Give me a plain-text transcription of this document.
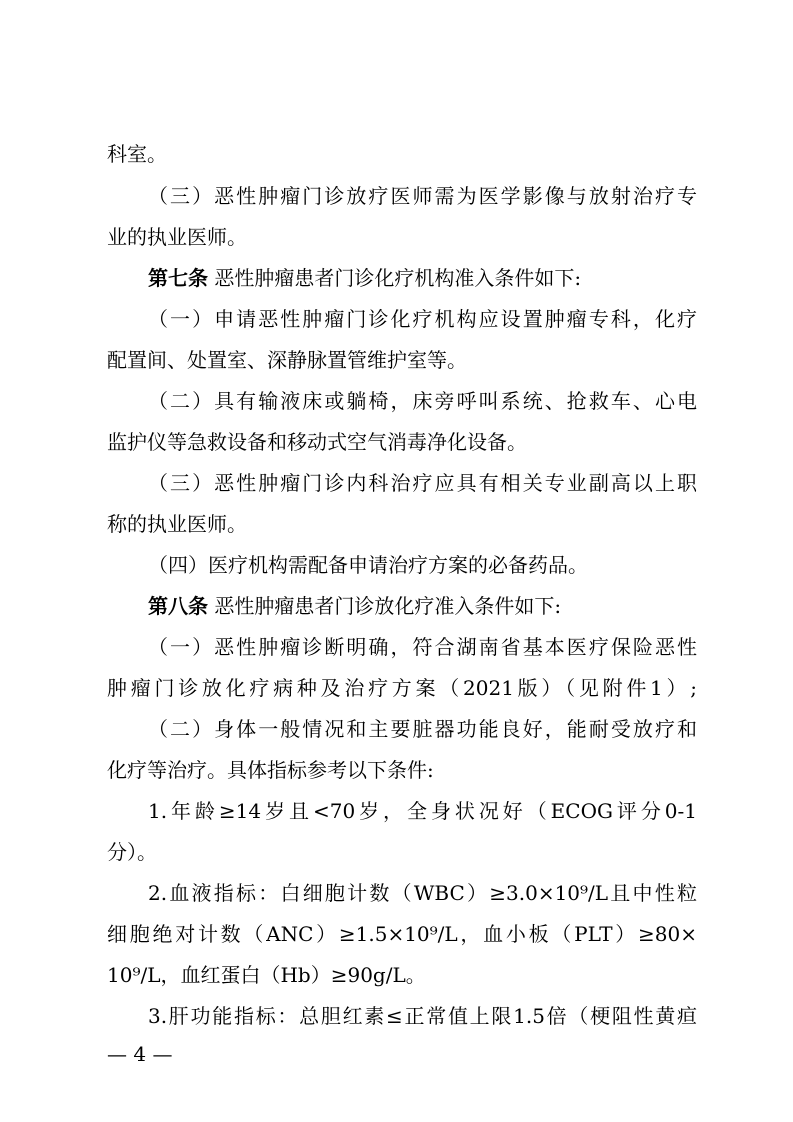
科室。
（三）恶性肿瘤门诊放疗医师需为医学影像与放射治疗专
业的执业医师。
第七条 恶性肿瘤患者门诊化疗机构准入条件如下:
（一）申请恶性肿瘤门诊化疗机构应设置肿瘤专科，化疗
配置间、处置室、深静脉置管维护室等。
（二）具有输液床或躺椅，床旁呼叫系统、抢救车、心电
监护仪等急救设备和移动式空气消毒净化设备。
（三）恶性肿瘤门诊内科治疗应具有相关专业副高以上职
称的执业医师。
（四）医疗机构需配备申请治疗方案的必备药品。
第八条 恶性肿瘤患者门诊放化疗准入条件如下:
（一）恶性肿瘤诊断明确，符合湖南省基本医疗保险恶性
肿瘤门诊放化疗病种及治疗方案（2021版）（见附件1）;
（二）身体一般情况和主要脏器功能良好，能耐受放疗和
化疗等治疗。具体指标参考以下条件:
1.年龄≥14岁且<70岁，全身状况好（ECOG评分0-1
分）。
2.血液指标：白细胞计数（WBC）≥3.0×10⁹/L且中性粒
细胞绝对计数（ANC）≥1.5×10⁹/L，血小板（PLT）≥80×
10⁹/L，血红蛋白（Hb）≥90g/L。
3.肝功能指标：总胆红素≤正常值上限1.5倍（梗阻性黄疸
— 4 —
